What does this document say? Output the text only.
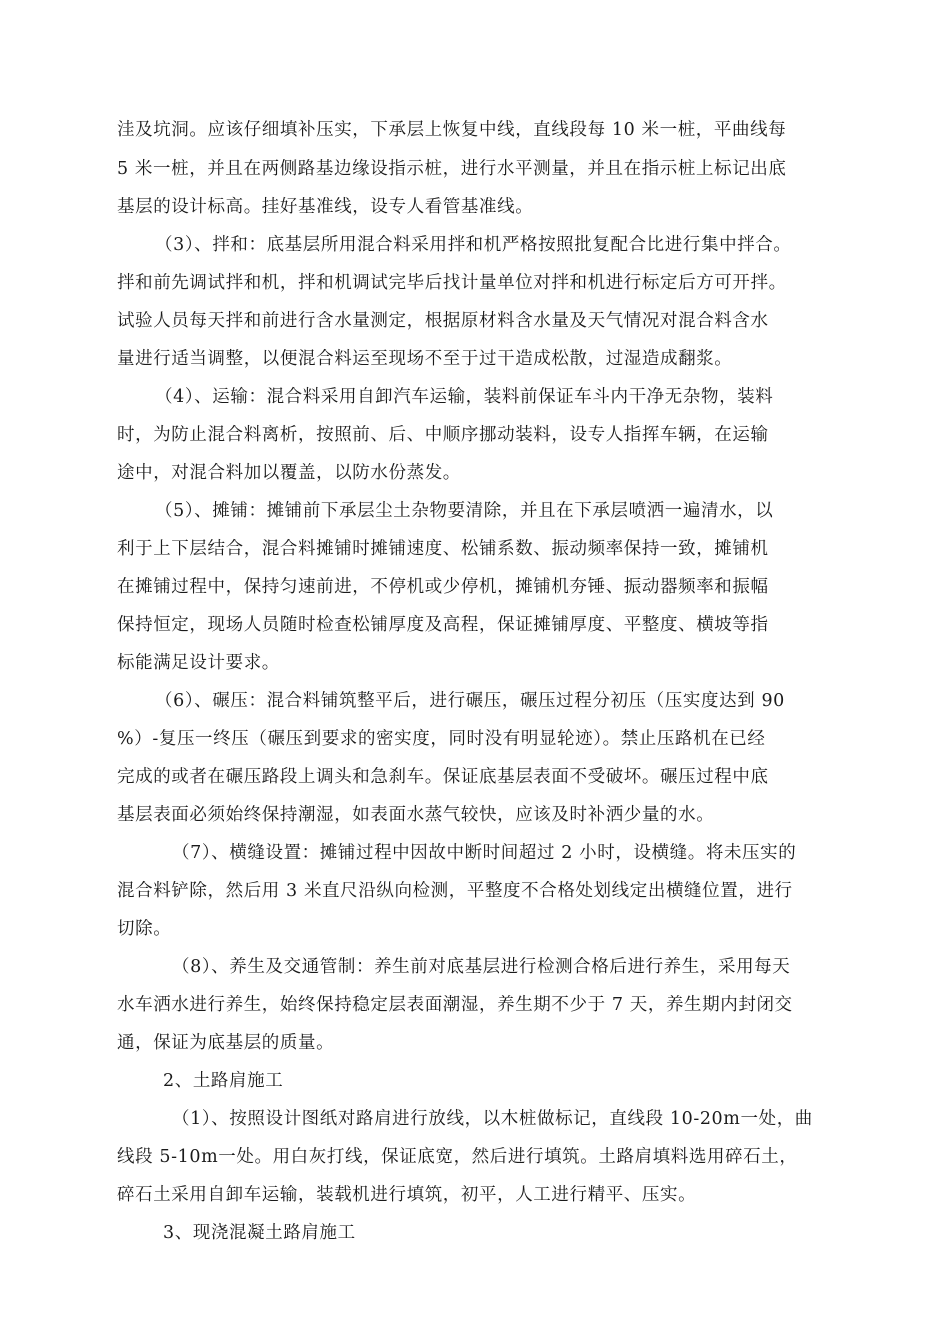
洼及坑洞。应该仔细填补压实，下承层上恢复中线，直线段每 10 米一桩，平曲线每
5 米一桩，并且在两侧路基边缘设指示桩，进行水平测量，并且在指示桩上标记出底
基层的设计标高。挂好基准线，设专人看管基准线。
（3）、拌和：底基层所用混合料采用拌和机严格按照批复配合比进行集中拌合。
拌和前先调试拌和机，拌和机调试完毕后找计量单位对拌和机进行标定后方可开拌。
试验人员每天拌和前进行含水量测定，根据原材料含水量及天气情况对混合料含水
量进行适当调整，以便混合料运至现场不至于过干造成松散，过湿造成翻浆。
（4）、运输：混合料采用自卸汽车运输，装料前保证车斗内干净无杂物，装料
时，为防止混合料离析，按照前、后、中顺序挪动装料，设专人指挥车辆，在运输
途中，对混合料加以覆盖，以防水份蒸发。
（5）、摊铺：摊铺前下承层尘土杂物要清除，并且在下承层喷洒一遍清水，以
利于上下层结合，混合料摊铺时摊铺速度、松铺系数、振动频率保持一致，摊铺机
在摊铺过程中，保持匀速前进，不停机或少停机，摊铺机夯锤、振动器频率和振幅
保持恒定，现场人员随时检查松铺厚度及高程，保证摊铺厚度、平整度、横坡等指
标能满足设计要求。
（6）、碾压：混合料铺筑整平后，进行碾压，碾压过程分初压（压实度达到 90
%）-复压一终压（碾压到要求的密实度，同时没有明显轮迹）。禁止压路机在已经
完成的或者在碾压路段上调头和急刹车。保证底基层表面不受破坏。碾压过程中底
基层表面必须始终保持潮湿，如表面水蒸气较快，应该及时补洒少量的水。
（7）、横缝设置：摊铺过程中因故中断时间超过 2 小时，设横缝。将未压实的
混合料铲除，然后用 3 米直尺沿纵向检测，平整度不合格处划线定出横缝位置，进行
切除。
（8）、养生及交通管制：养生前对底基层进行检测合格后进行养生，采用每天
水车洒水进行养生，始终保持稳定层表面潮湿，养生期不少于 7 天，养生期内封闭交
通，保证为底基层的质量。
2、土路肩施工
（1）、按照设计图纸对路肩进行放线，以木桩做标记，直线段 10-20m一处，曲
线段 5-10m一处。用白灰打线，保证底宽，然后进行填筑。土路肩填料选用碎石土，
碎石土采用自卸车运输，装载机进行填筑，初平，人工进行精平、压实。
3、现浇混凝土路肩施工
